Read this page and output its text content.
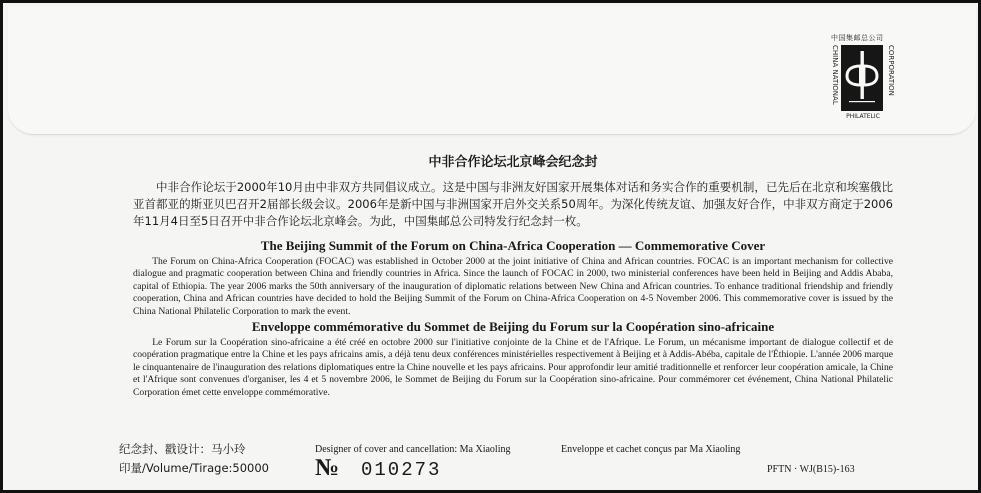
中国集邮总公司
CHINA NATIONAL	CORPORATION
PHILATELIC
中非合作论坛北京峰会纪念封

中非合作论坛于2000年10月由中非双方共同倡议成立。这是中国与非洲友好国家开展集体对话和务实合作的重要机制，已先后在北京和埃塞俄比亚首都亚的斯亚贝巴召开2届部长级会议。2006年是新中国与非洲国家开启外交关系50周年。为深化传统友谊、加强友好合作，中非双方商定于2006年11月4日至5日召开中非合作论坛北京峰会。为此，中国集邮总公司特发行纪念封一枚。

The Beijing Summit of the Forum on China-Africa Cooperation — Commemorative Cover

The Forum on China-Africa Cooperation (FOCAC) was established in October 2000 at the joint initiative of China and African countries. FOCAC is an important mechanism for collective dialogue and pragmatic cooperation between China and friendly countries in Africa. Since the launch of FOCAC in 2000, two ministerial conferences have been held in Beijing and Addis Ababa, capital of Ethiopia. The year 2006 marks the 50th anniversary of the inauguration of diplomatic relations between New China and African countries. To enhance traditional friendship and friendly cooperation, China and African countries have decided to hold the Beijing Summit of the Forum on China-Africa Cooperation on 4-5 November 2006. This commemorative cover is issued by the China National Philatelic Corporation to mark the event.

Enveloppe commémorative du Sommet de Beijing du Forum sur la Coopération sino-africaine

Le Forum sur la Coopération sino-africaine a été créé en octobre 2000 sur l'initiative conjointe de la Chine et de l'Afrique. Le Forum, un mécanisme important de dialogue collectif et de coopération pragmatique entre la Chine et les pays africains amis, a déjà tenu deux conférences ministérielles respectivement à Beijing et à Addis-Abéba, capitale de l'Éthiopie. L'année 2006 marque le cinquantenaire de l'inauguration des relations diplomatiques entre la Chine nouvelle et les pays africains. Pour approfondir leur amitié traditionnelle et renforcer leur coopération amicale, la Chine et l'Afrique sont convenues d'organiser, les 4 et 5 novembre 2006, le Sommet de Beijing du Forum sur la Coopération sino-africaine. Pour commémorer cet événement, China National Philatelic Corporation émet cette enveloppe commémorative.

纪念封、戳设计：马小玲	Designer of cover and cancellation: Ma Xiaoling	Enveloppe et cachet conçus par Ma Xiaoling
印量/Volume/Tirage:50000 № 010273	PFTN · WJ(B15)-163
